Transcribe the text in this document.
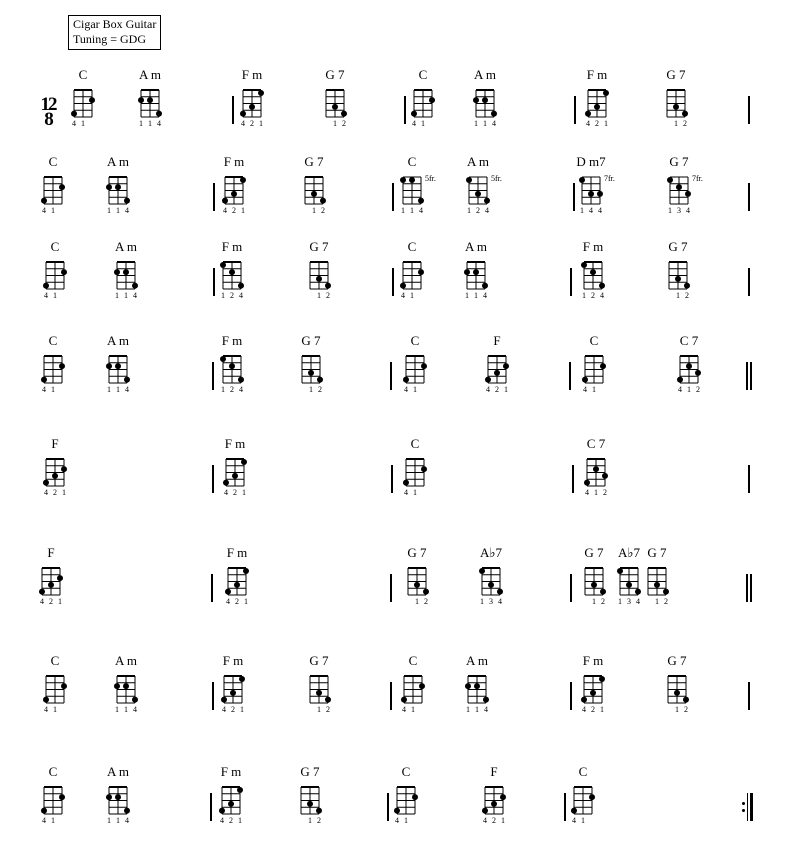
Cigar Box Guitar
Tuning = GDG
12
8
C
4 1
A m
1 1 4
F m
4 2 1
G 7
1 2
C
4 1
A m
1 1 4
F m
4 2 1
G 7
1 2
C
4 1
A m
1 1 4
F m
4 2 1
G 7
1 2
C
1 1 4
5fr.
A m
1 2 4
5fr.
D m7
1 4 4
7fr.
G 7
1 3 4
7fr.
C
4 1
A m
1 1 4
F m
1 2 4
G 7
1 2
C
4 1
A m
1 1 4
F m
1 2 4
G 7
1 2
C
4 1
A m
1 1 4
F m
1 2 4
G 7
1 2
C
4 1
F
4 2 1
C
4 1
C 7
4 1 2
F
4 2 1
F m
4 2 1
C
4 1
C 7
4 1 2
F
4 2 1
F m
4 2 1
G 7
1 2
A♭7
1 3 4
G 7
1 2
A♭7
1 3 4
G 7
1 2
C
4 1
A m
1 1 4
F m
4 2 1
G 7
1 2
C
4 1
A m
1 1 4
F m
4 2 1
G 7
1 2
C
4 1
A m
1 1 4
F m
4 2 1
G 7
1 2
C
4 1
F
4 2 1
C
4 1
